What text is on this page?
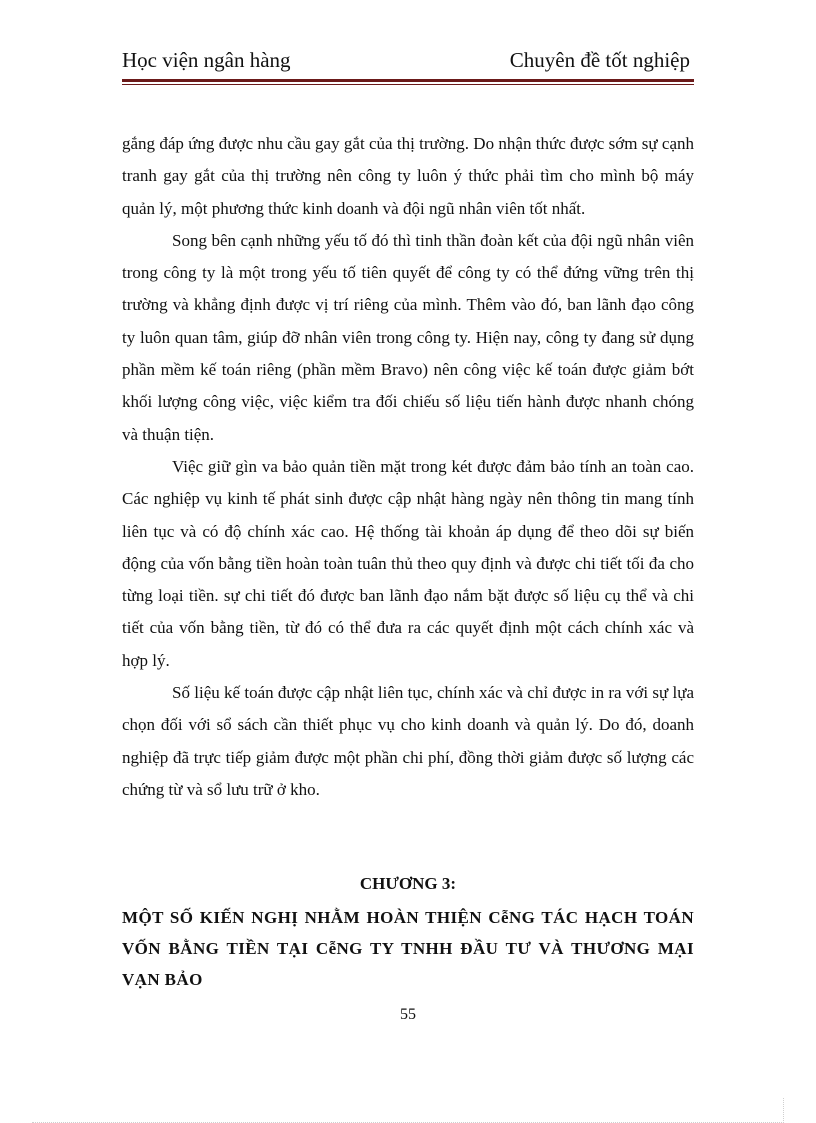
Học viện ngân hàng	Chuyên đề tốt nghiệp

gắng đáp ứng được nhu cầu gay gắt của thị trường. Do nhận thức được sớm sự cạnh tranh gay gắt của thị trường nên công ty luôn ý thức phải tìm cho mình bộ máy quản lý, một phương thức kinh doanh và đội ngũ nhân viên tốt nhất.

Song bên cạnh những yếu tố đó thì tinh thần đoàn kết của đội ngũ nhân viên trong công ty là một trong yếu tố tiên quyết để công ty có thể đứng vững trên thị trường và khẳng định được vị trí riêng của mình. Thêm vào đó, ban lãnh đạo công ty luôn quan tâm, giúp đỡ nhân viên trong công ty. Hiện nay, công ty đang sử dụng phần mềm kế toán riêng (phần mềm Bravo) nên công việc kế toán được giảm bớt khối lượng công việc, việc kiểm tra đối chiếu số liệu tiến hành được nhanh chóng và thuận tiện.

Việc giữ gìn va bảo quản tiền mặt trong két được đảm bảo tính an toàn cao. Các nghiệp vụ kinh tế phát sinh được cập nhật hàng ngày nên thông tin mang tính liên tục và có độ chính xác cao. Hệ thống tài khoản áp dụng để theo dõi sự biến động của vốn bằng tiền hoàn toàn tuân thủ theo quy định và được chi tiết tối đa cho từng loại tiền. sự chi tiết đó được ban lãnh đạo nắm bặt được số liệu cụ thể và chi tiết của vốn bằng tiền, từ đó có thể đưa ra các quyết định một cách chính xác và hợp lý.

Số liệu kế toán được cập nhật liên tục, chính xác và chỉ được in ra với sự lựa chọn đối với sổ sách cần thiết phục vụ cho kinh doanh và quản lý. Do đó, doanh nghiệp đã trực tiếp giảm được một phần chi phí, đồng thời giảm được số lượng các chứng từ và sổ lưu trữ ở kho.

CHƯƠNG 3:
MỘT SỐ KIẾN NGHỊ NHẰM HOÀN THIỆN CễNG TÁC HẠCH TOÁN VỐN BẰNG TIỀN TẠI CễNG TY TNHH ĐẦU TƯ VÀ THƯƠNG MẠI VẠN BẢO
55
